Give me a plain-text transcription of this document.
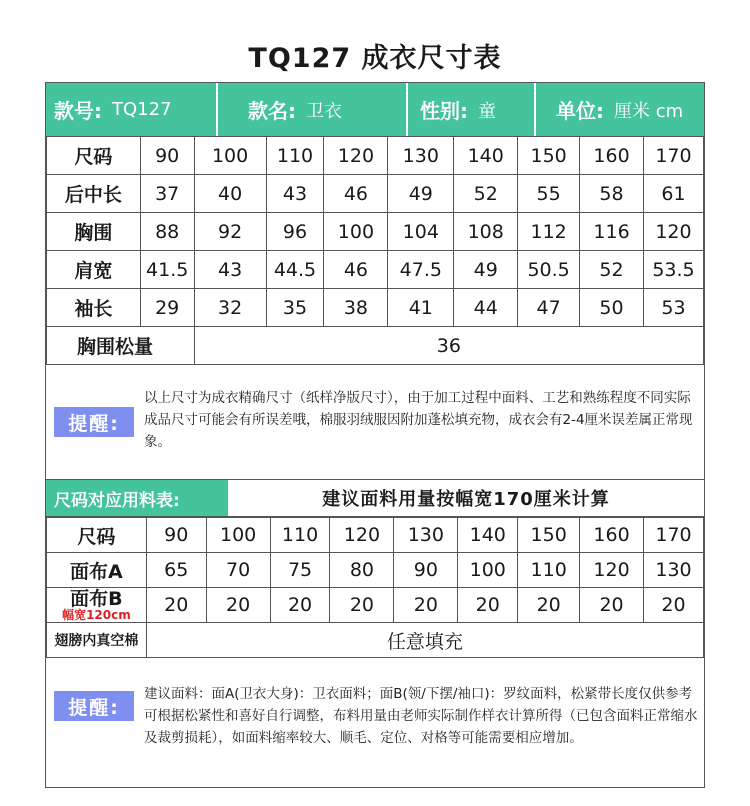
TQ127 成衣尺寸表
款号: TQ127	款名: 卫衣	性别: 童	单位: 厘米 cm
尺码	90	100	110	120	130	140	150	160	170
后中长	37	40	43	46	49	52	55	58	61
胸围	88	92	96	100	104	108	112	116	120
肩宽	41.5	43	44.5	46	47.5	49	50.5	52	53.5
袖长	29	32	35	38	41	44	47	50	53
胸围松量		36							
提醒:
以上尺寸为成衣精确尺寸（纸样净版尺寸），由于加工过程中面料、工艺和熟练程度不同实际成品尺寸可能会有所误差哦，棉服羽绒服因附加蓬松填充物，成衣会有2-4厘米误差属正常现象。
尺码对应用料表:	建议面料用量按幅宽170厘米计算
尺码	90	100	110	120	130	140	150	160	170
面布A	65	70	75	80	90	100	110	120	130

面布B
幅宽120cm	20	20	20	20	20	20	20	20	20
翅膀内真空棉	任意填充								
提醒:
建议面料：面A(卫衣大身)：卫衣面料；面B(领/下摆/袖口)：罗纹面料，松紧带长度仅供参考可根据松紧性和喜好自行调整，布料用量由老师实际制作样衣计算所得（已包含面料正常缩水及裁剪损耗），如面料缩率较大、顺毛、定位、对格等可能需要相应增加。
